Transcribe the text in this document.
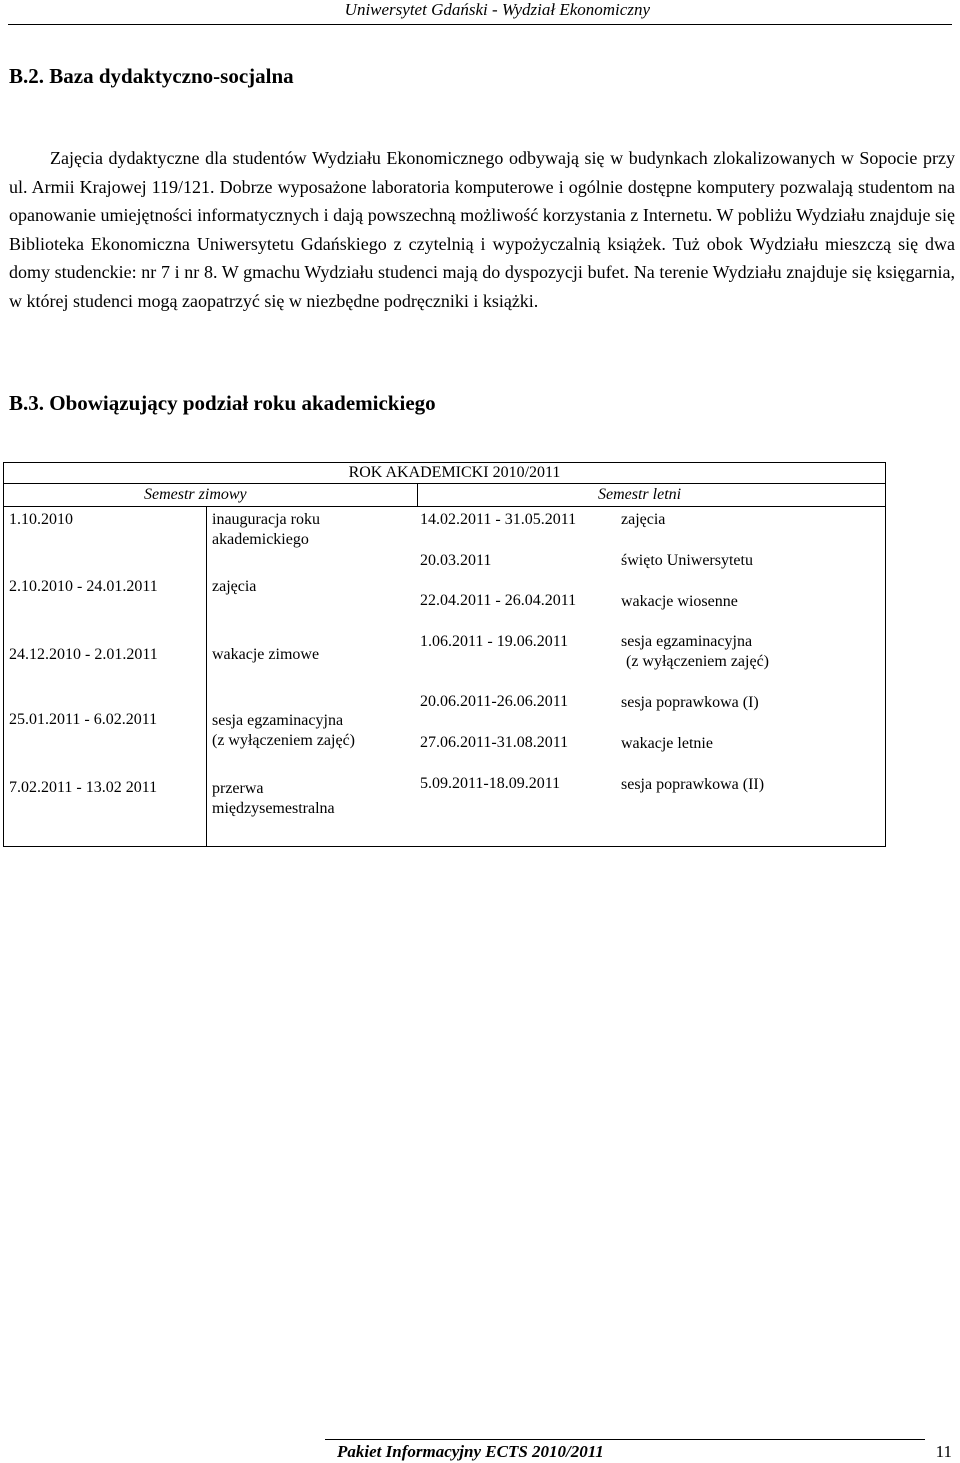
Uniwersytet Gdański - Wydział Ekonomiczny
B.2. Baza dydaktyczno-socjalna
Zajęcia dydaktyczne dla studentów Wydziału Ekonomicznego odbywają się w budynkach zlokalizowanych w Sopocie przy ul. Armii Krajowej 119/121. Dobrze wyposażone laboratoria komputerowe i ogólnie dostępne komputery pozwalają studentom na opanowanie umiejętności informatycznych i dają powszechną możliwość korzystania z Internetu. W pobliżu Wydziału znajduje się Biblioteka Ekonomiczna Uniwersytetu Gdańskiego z czytelnią i wypożyczalnią książek. Tuż obok Wydziału mieszczą się dwa domy studenckie: nr 7 i nr 8. W gmachu Wydziału studenci mają do dyspozycji bufet. Na terenie Wydziału znajduje się księgarnia, w której studenci mogą zaopatrzyć się w niezbędne podręczniki i książki.
B.3. Obowiązujący podział roku akademickiego
ROK AKADEMICKI 2010/2011
Semestr zimowy	Semestr letni
1.10.2010	inauguracja roku
akademickiego
2.10.2010 - 24.01.2011	zajęcia
24.12.2010 - 2.01.2011	wakacje zimowe
25.01.2011 - 6.02.2011	sesja egzaminacyjna
(z wyłączeniem zajęć)
7.02.2011 - 13.02 2011	przerwa
międzysemestralna
14.02.2011 - 31.05.2011	zajęcia
20.03.2011	święto Uniwersytetu
22.04.2011 - 26.04.2011	wakacje wiosenne
1.06.2011 - 19.06.2011	sesja egzaminacyjna
(z wyłączeniem zajęć)
20.06.2011-26.06.2011	sesja poprawkowa (I)
27.06.2011-31.08.2011	wakacje letnie
5.09.2011-18.09.2011	sesja poprawkowa (II)
Pakiet Informacyjny ECTS 2010/2011	11
